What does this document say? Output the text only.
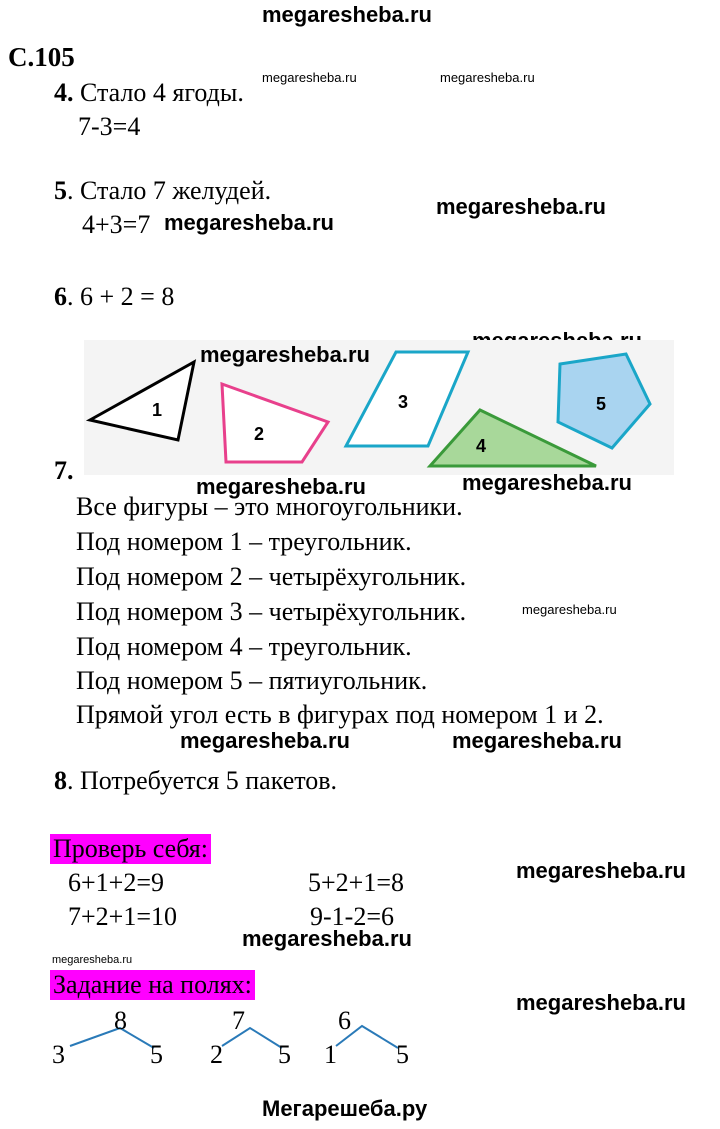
megaresheba.ru
С.105
4. Стало 4 ягоды.
7-3=4
megaresheba.ru	megaresheba.ru
5. Стало 7 желудей.
4+3=7 megaresheba.ru
megaresheba.ru
6. 6 + 2 = 8
1
2
3
4
5
megaresheba.ru
7.
megaresheba.ru	megaresheba.ru
Все фигуры – это многоугольники.
Под номером 1 – треугольник.
Под номером 2 – четырёхугольник.
Под номером 3 – четырёхугольник.	megaresheba.ru
Под номером 4 – треугольник.
Под номером 5 – пятиугольник.
Прямой угол есть в фигурах под номером 1 и 2.
megaresheba.ru	megaresheba.ru
8. Потребуется 5 пакетов.
Проверь себя:
megaresheba.ru
6+1+2=9	5+2+1=8
7+2+1=10	9-1-2=6
megaresheba.ru
megaresheba.ru
Задание на полях:
megaresheba.ru
8
3	5
7
2 5
6
1 5
Мегарешеба.ру
